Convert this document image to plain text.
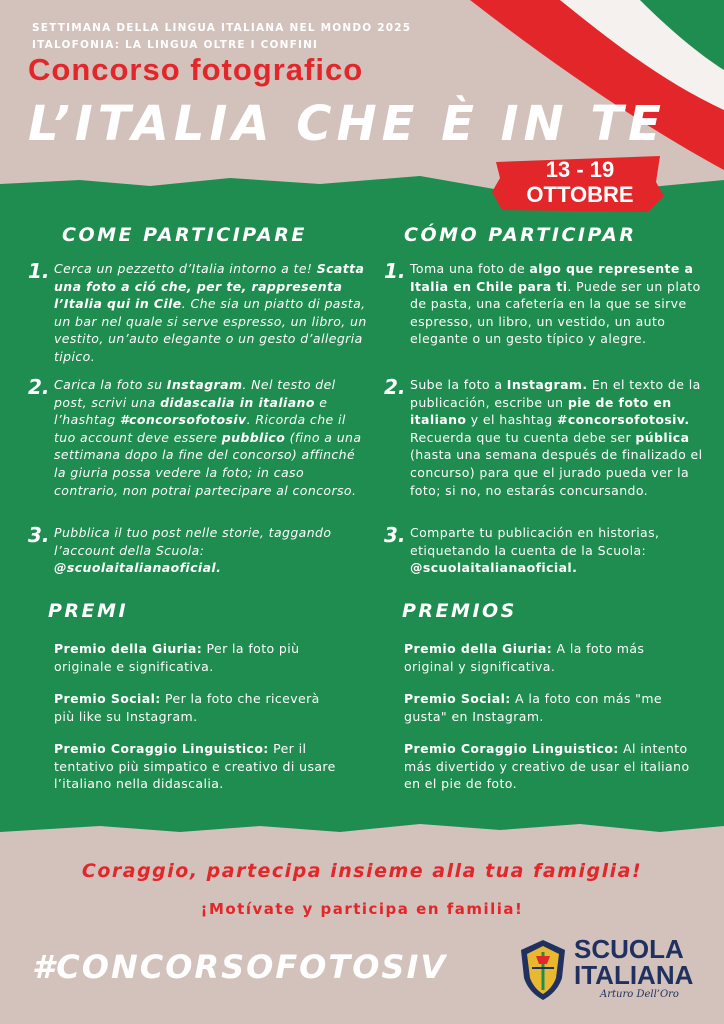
SETTIMANA DELLA LINGUA ITALIANA NEL MONDO 2025
ITALOFONIA: LA LINGUA OLTRE I CONFINI
Concorso fotografico
L’ITALIA CHE È IN TE
13 - 19
OTTOBRE
COME PARTICIPARE
1. Cerca un pezzetto d’Italia intorno a te! Scatta una foto a ció che, per te, rappresenta l’Italia qui in Cile. Che sia un piatto di pasta, un bar nel quale si serve espresso, un libro, un vestito, un’auto elegante o un gesto d’allegria tipico.
2. Carica la foto su Instagram. Nel testo del post, scrivi una didascalia in italiano e l’hashtag #concorsofotosiv. Ricorda che il tuo account deve essere pubblico (fino a una settimana dopo la fine del concorso) affinché la giuria possa vedere la foto; in caso contrario, non potrai partecipare al concorso.
3. Pubblica il tuo post nelle storie, taggando l’account della Scuola: @scuolaitalianaoficial.
PREMI
Premio della Giuria: Per la foto più originale e significativa.
Premio Social: Per la foto che riceverà più like su Instagram.
Premio Coraggio Linguistico: Per il tentativo più simpatico e creativo di usare l’italiano nella didascalia.
CÓMO PARTICIPAR
1. Toma una foto de algo que represente a Italia en Chile para ti. Puede ser un plato de pasta, una cafetería en la que se sirve espresso, un libro, un vestido, un auto elegante o un gesto típico y alegre.
2. Sube la foto a Instagram. En el texto de la publicación, escribe un pie de foto en italiano y el hashtag #concorsofotosiv. Recuerda que tu cuenta debe ser pública (hasta una semana después de finalizado el concurso) para que el jurado pueda ver la foto; si no, no estarás concursando.
3. Comparte tu publicación en historias, etiquetando la cuenta de la Scuola: @scuolaitalianaoficial.
PREMIOS
Premio della Giuria: A la foto más original y significativa.
Premio Social: A la foto con más "me gusta" en Instagram.
Premio Coraggio Linguistico: Al intento más divertido y creativo de usar el italiano en el pie de foto.
Coraggio, partecipa insieme alla tua famiglia!
¡Motívate y participa en familia!
#CONCORSOFOTOSIV	SCUOLA
ITALIANA
Arturo Dell’Oro
